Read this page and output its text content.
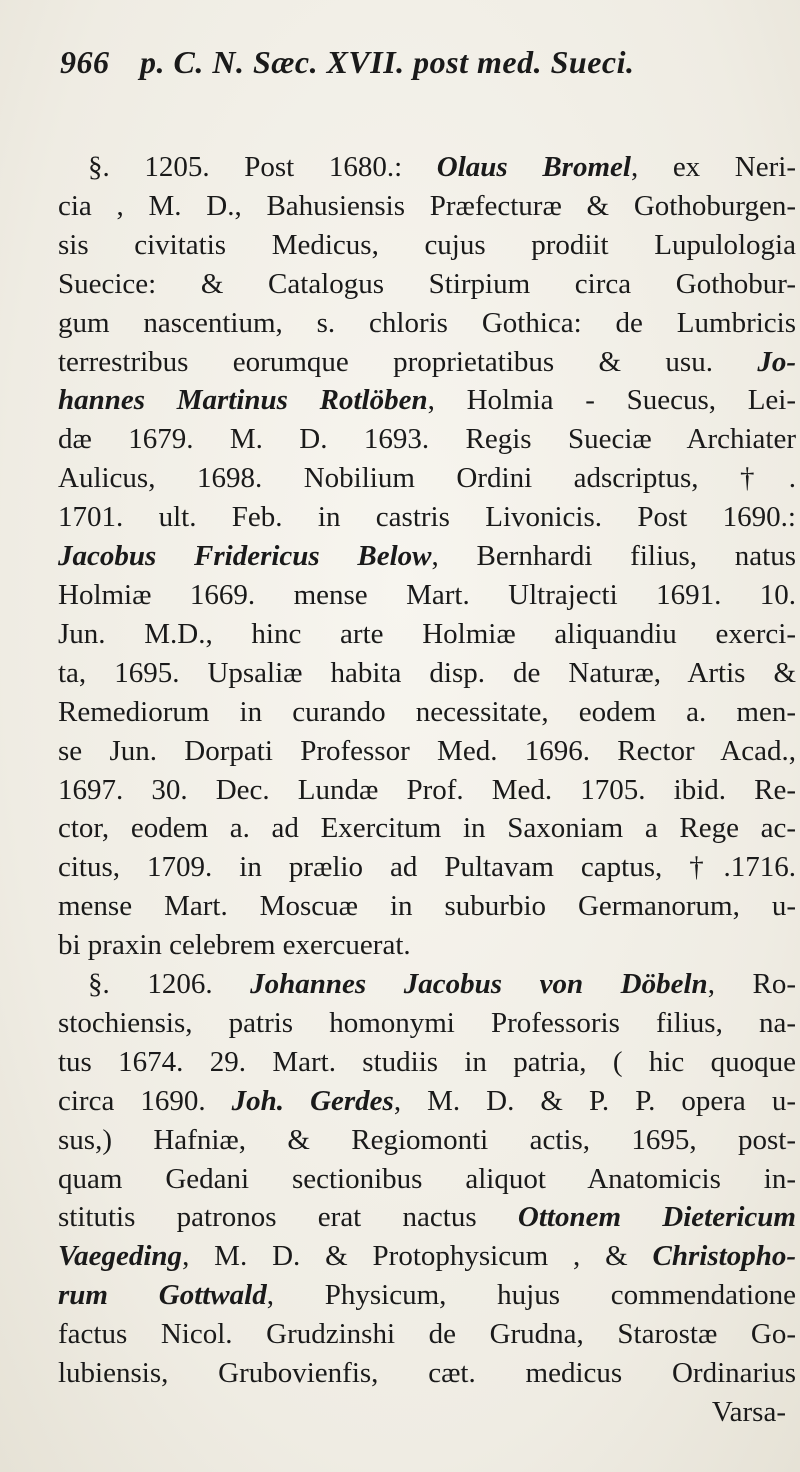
966 p. C. N. Sæc. XVII. post med. Sueci.
§. 1205. Post 1680.: Olaus Bromel, ex Neri-
cia , M. D., Bahusiensis Præfecturæ & Gothoburgen-
sis civitatis Medicus, cujus prodiit Lupulologia
Suecice: & Catalogus Stirpium circa Gothobur-
gum nascentium, s. chloris Gothica: de Lumbricis
terrestribus eorumque proprietatibus & usu. Jo-
hannes Martinus Rotlöben, Holmia - Suecus, Lei-
dæ 1679. M. D. 1693. Regis Sueciæ Archiater
Aulicus, 1698. Nobilium Ordini adscriptus, †.
1701. ult. Feb. in castris Livonicis. Post 1690.:
Jacobus Fridericus Below, Bernhardi filius, natus
Holmiæ 1669. mense Mart. Ultrajecti 1691. 10.
Jun. M.D., hinc arte Holmiæ aliquandiu exerci-
ta, 1695. Upsaliæ habita disp. de Naturæ, Artis &
Remediorum in curando necessitate, eodem a. men-
se Jun. Dorpati Professor Med. 1696. Rector Acad.,
1697. 30. Dec. Lundæ Prof. Med. 1705. ibid. Re-
ctor, eodem a. ad Exercitum in Saxoniam a Rege ac-
citus, 1709. in prælio ad Pultavam captus, †.1716.
mense Mart. Moscuæ in suburbio Germanorum, u-
bi praxin celebrem exercuerat.
§. 1206. Johannes Jacobus von Döbeln, Ro-
stochiensis, patris homonymi Professoris filius, na-
tus 1674. 29. Mart. studiis in patria, ( hic quoque
circa 1690. Joh. Gerdes, M. D. & P. P. opera u-
sus,) Hafniæ, & Regiomonti actis, 1695, post-
quam Gedani sectionibus aliquot Anatomicis in-
stitutis patronos erat nactus Ottonem Dietericum
Vaegeding, M. D. & Protophysicum , & Christopho-
rum Gottwald, Physicum, hujus commendatione
factus Nicol. Grudzinshi de Grudna, Starostæ Go-
lubiensis, Grubovienfis, cæt. medicus Ordinarius
Varsa-
